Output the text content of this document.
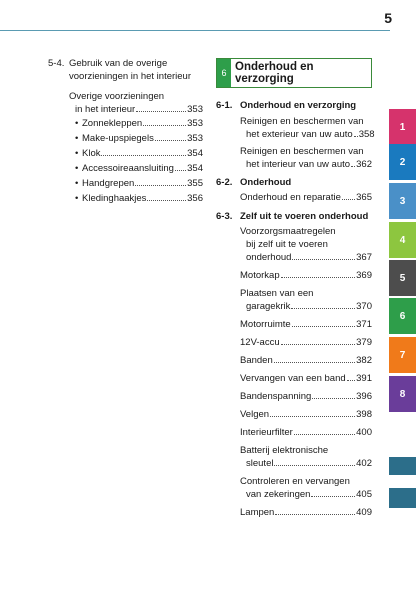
5
5-4. Gebruik van de overige voorzieningen in het interieur
Overige voorzieningen
in het interieur	353
• Zonnekleppen	353
• Make-upspiegels	353
• Klok	354
• Accessoireaansluiting 354
• Handgrepen	355
• Kledinghaakjes	356
6 Onderhoud en verzorging
6-1. Onderhoud en verzorging
Reinigen en beschermen van
het exterieur van uw auto 358
Reinigen en beschermen van
het interieur van uw auto 362
6-2. Onderhoud
Onderhoud en reparatie 365
6-3. Zelf uit te voeren onderhoud
Voorzorgsmaatregelen
bij zelf uit te voeren
onderhoud	367
Motorkap	369
Plaatsen van een
garagekrik	370
Motorruimte	371
12V-accu	379
Banden	382
Vervangen van een band 391
Bandenspanning	396
Velgen	398
Interieurfilter	400
Batterij elektronische
sleutel	402
Controleren en vervangen
van zekeringen	405
Lampen	409
1
2
3
4
5
6
7
8
